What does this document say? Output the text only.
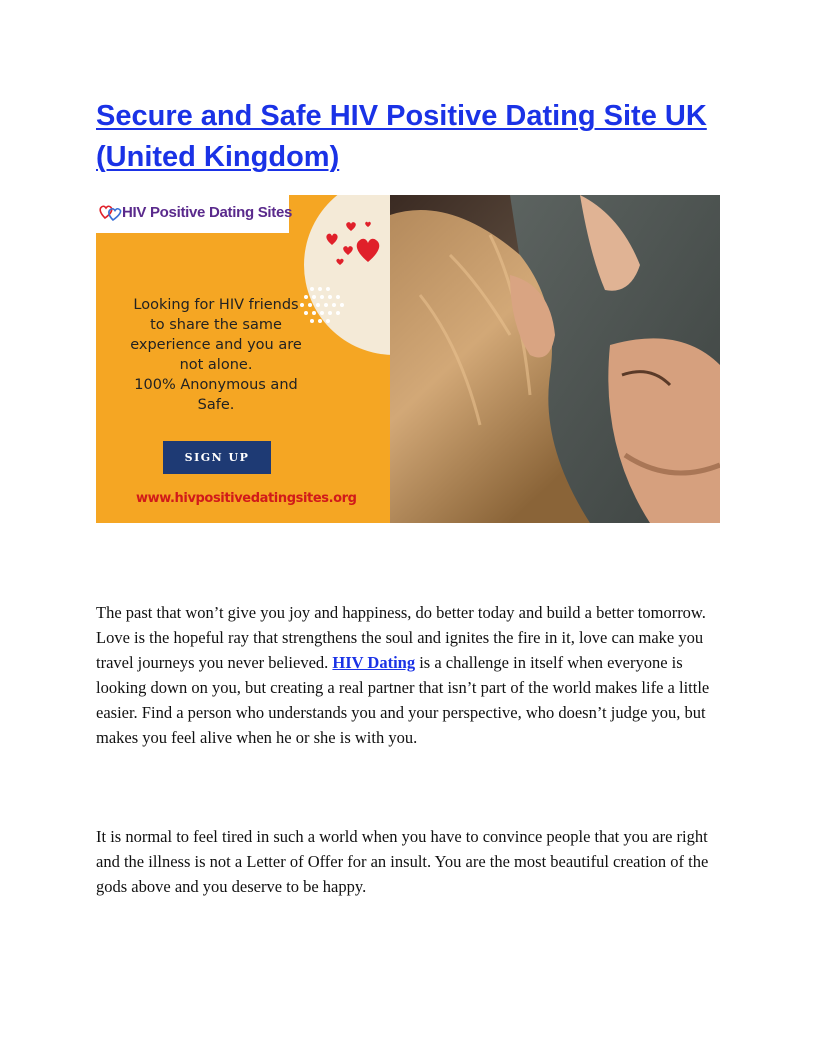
Secure and Safe HIV Positive Dating Site UK (United Kingdom)
HIV Positive Dating Sites
Looking for HIV friends
to share the same
experience and you are
not alone.
100% Anonymous and
Safe.
SIGN UP
www.hivpositivedatingsites.org

The past that won’t give you joy and happiness, do better today and build a better tomorrow. Love is the hopeful ray that strengthens the soul and ignites the fire in it, love can make you travel journeys you never believed. HIV Dating is a challenge in itself when everyone is looking down on you, but creating a real partner that isn’t part of the world makes life a little easier. Find a person who understands you and your perspective, who doesn’t judge you, but makes you feel alive when he or she is with you.

It is normal to feel tired in such a world when you have to convince people that you are right and the illness is not a Letter of Offer for an insult. You are the most beautiful creation of the gods above and you deserve to be happy.
